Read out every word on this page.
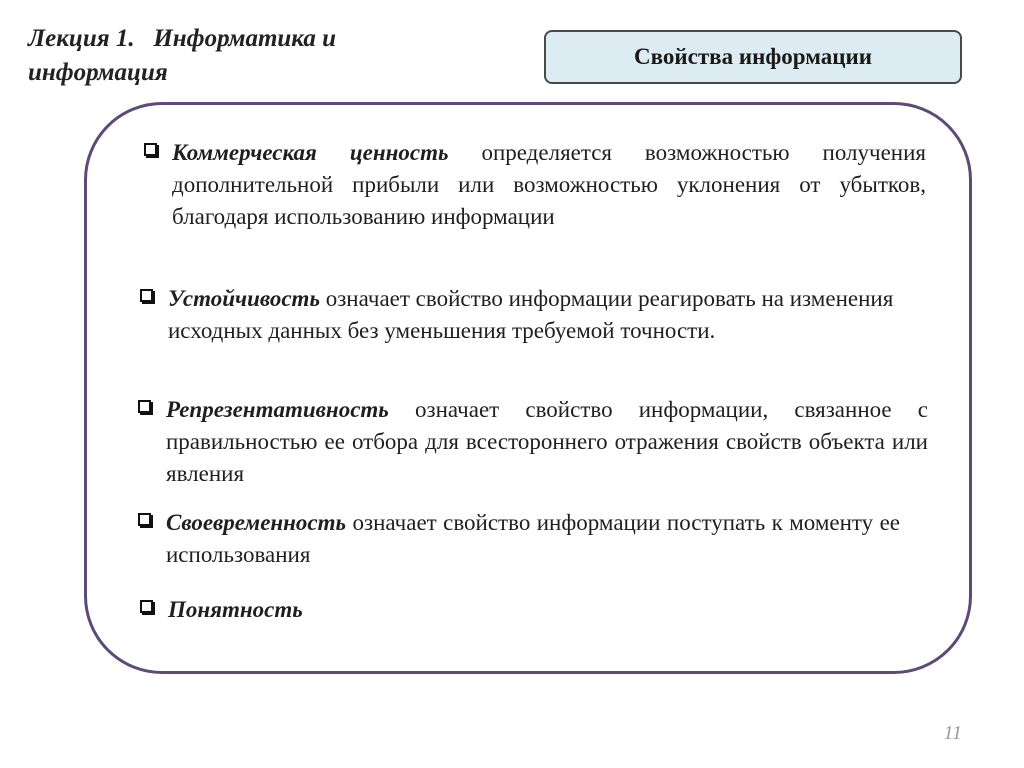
Лекция 1.   Информатика и
информация
Свойства информации
Коммерческая ценность определяется возможностью получения дополнительной прибыли или возможностью уклонения от убытков, благодаря использованию информации
Устойчивость означает свойство информации реагировать на изменения исходных данных без уменьшения требуемой точности.
Репрезентативность означает свойство информации, связанное с правильностью ее отбора для всестороннего отражения свойств объекта или явления
Своевременность означает свойство информации поступать к моменту ее использования
Понятность
11
